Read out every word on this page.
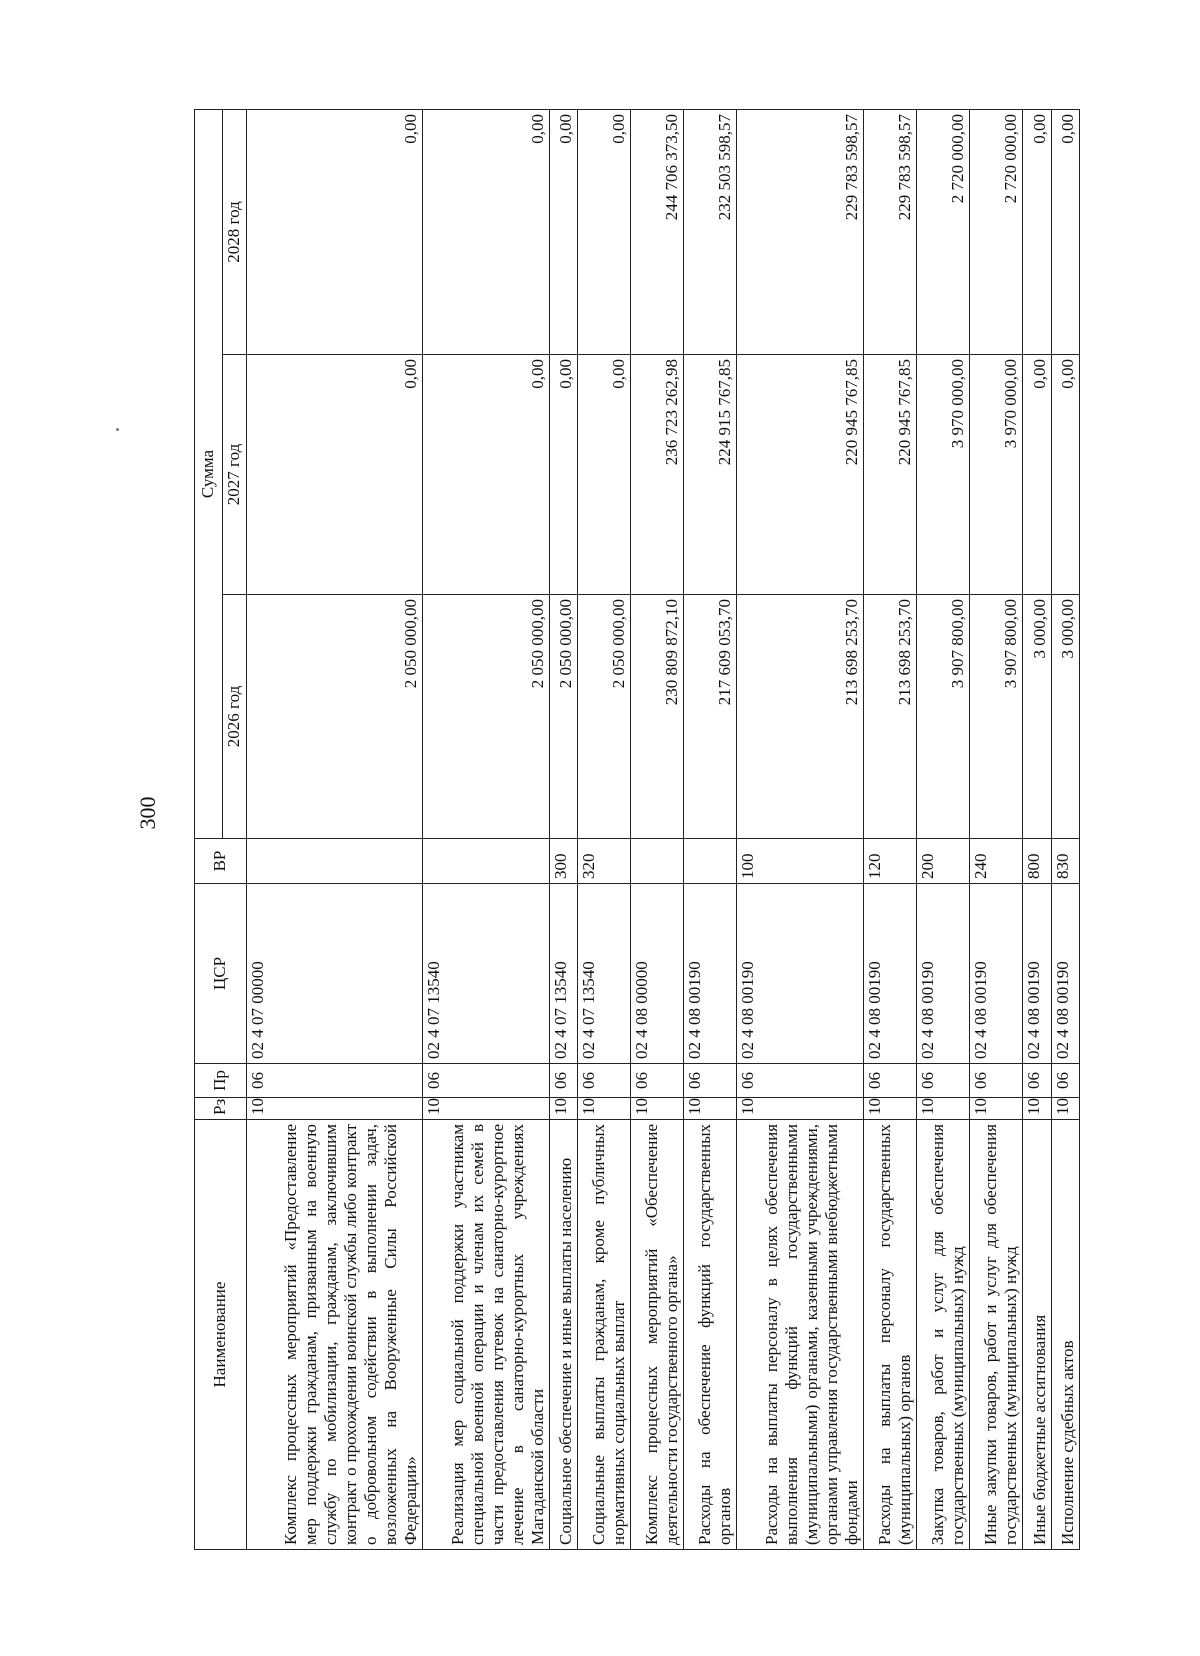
300
Наименование	Рз	Пр	ЦСР	ВР	Сумма		
					2026 год	2027 год	2028 год
Комплекс процессных мероприятий «Предоставление мер поддержки гражданам, призванным на военную службу по мобилизации, гражданам, заключившим контракт о прохождении воинской службы либо контракт о добровольном содействии в выполнении задач, возложенных на Вооруженные Силы Российской Федерации»	10	06	02 4 07 00000		2 050 000,00	0,00	0,00
Реализация мер социальной поддержки участникам специальной военной операции и членам их семей в части предоставления путевок на санаторно-курортное лечение в санаторно-курортных учреждениях Магаданской области	10	06	02 4 07 13540		2 050 000,00	0,00	0,00
Социальное обеспечение и иные выплаты населению	10	06	02 4 07 13540	300	2 050 000,00	0,00	0,00
Социальные выплаты гражданам, кроме публичных нормативных социальных выплат	10	06	02 4 07 13540	320	2 050 000,00	0,00	0,00
Комплекс процессных мероприятий «Обеспечение деятельности государственного органа»	10	06	02 4 08 00000		230 809 872,10	236 723 262,98	244 706 373,50
Расходы на обеспечение функций государственных органов	10	06	02 4 08 00190		217 609 053,70	224 915 767,85	232 503 598,57
Расходы на выплаты персоналу в целях обеспечения выполнения функций государственными (муниципальными) органами, казенными учреждениями, органами управления государственными внебюджетными фондами	10	06	02 4 08 00190	100	213 698 253,70	220 945 767,85	229 783 598,57
Расходы на выплаты персоналу государственных (муниципальных) органов	10	06	02 4 08 00190	120	213 698 253,70	220 945 767,85	229 783 598,57
Закупка товаров, работ и услуг для обеспечения государственных (муниципальных) нужд	10	06	02 4 08 00190	200	3 907 800,00	3 970 000,00	2 720 000,00
Иные закупки товаров, работ и услуг для обеспечения государственных (муниципальных) нужд	10	06	02 4 08 00190	240	3 907 800,00	3 970 000,00	2 720 000,00
Иные бюджетные ассигнования	10	06	02 4 08 00190	800	3 000,00	0,00	0,00
Исполнение судебных актов	10	06	02 4 08 00190	830	3 000,00	0,00	0,00
